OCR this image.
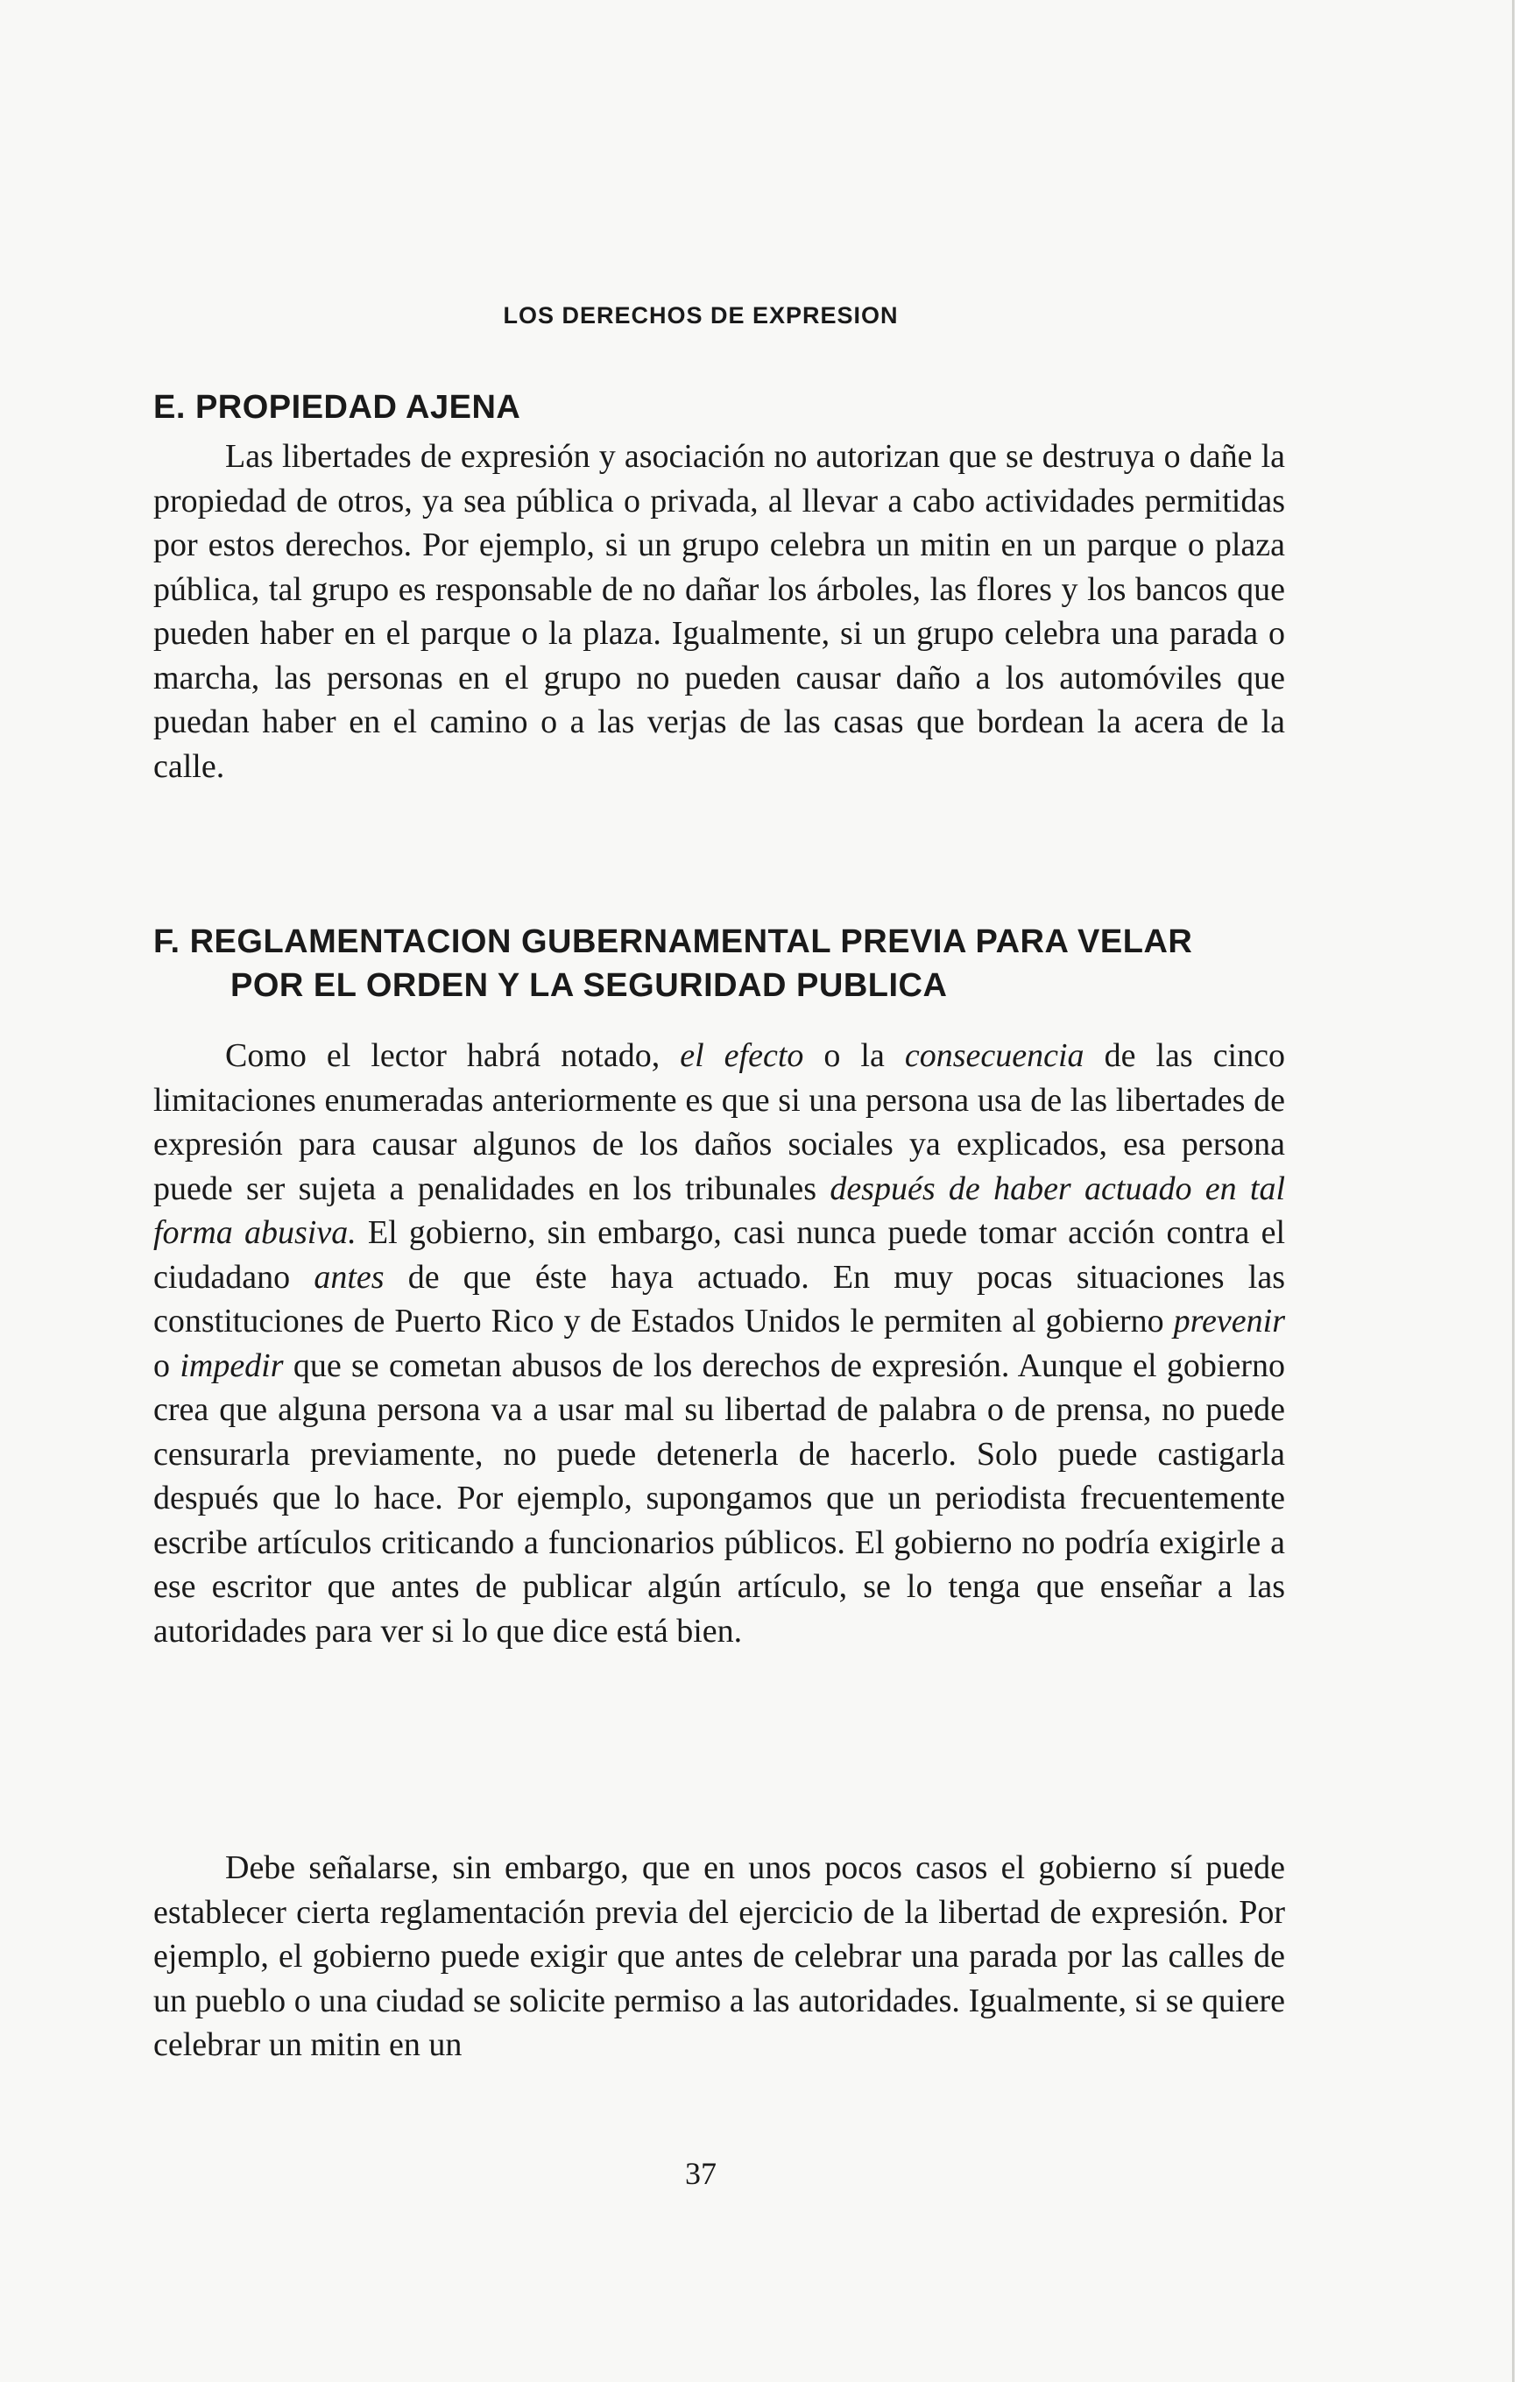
LOS DERECHOS DE EXPRESION
E. PROPIEDAD AJENA

Las libertades de expresión y asociación no autorizan que se destruya o dañe la propiedad de otros, ya sea pública o privada, al llevar a cabo actividades permitidas por estos derechos. Por ejemplo, si un grupo celebra un mitin en un parque o plaza pública, tal grupo es responsable de no dañar los árboles, las flores y los bancos que pueden haber en el parque o la plaza. Igualmente, si un grupo celebra una parada o marcha, las personas en el grupo no pueden causar daño a los automóviles que puedan haber en el camino o a las verjas de las casas que bordean la acera de la calle.

F. REGLAMENTACION GUBERNAMENTAL PREVIA PARA VELAR
POR EL ORDEN Y LA SEGURIDAD PUBLICA

Como el lector habrá notado, el efecto o la consecuencia de las cinco limitaciones enumeradas anteriormente es que si una persona usa de las libertades de expresión para causar algunos de los daños sociales ya explicados, esa persona puede ser sujeta a penalidades en los tribunales después de haber actuado en tal forma abusiva. El gobierno, sin embargo, casi nunca puede tomar acción contra el ciudadano antes de que éste haya actuado. En muy pocas situaciones las constituciones de Puerto Rico y de Estados Unidos le permiten al gobierno prevenir o impedir que se cometan abusos de los derechos de expresión. Aunque el gobierno crea que alguna persona va a usar mal su libertad de palabra o de prensa, no puede censurarla previamente, no puede detenerla de hacerlo. Solo puede castigarla después que lo hace. Por ejemplo, supongamos que un periodista frecuentemente escribe artículos criticando a funcionarios públicos. El gobierno no podría exigirle a ese escritor que antes de publicar algún artículo, se lo tenga que enseñar a las autoridades para ver si lo que dice está bien.

Debe señalarse, sin embargo, que en unos pocos casos el gobierno sí puede establecer cierta reglamentación previa del ejercicio de la libertad de expresión. Por ejemplo, el gobierno puede exigir que antes de celebrar una parada por las calles de un pueblo o una ciudad se solicite permiso a las autoridades. Igualmente, si se quiere celebrar un mitin en un

37
